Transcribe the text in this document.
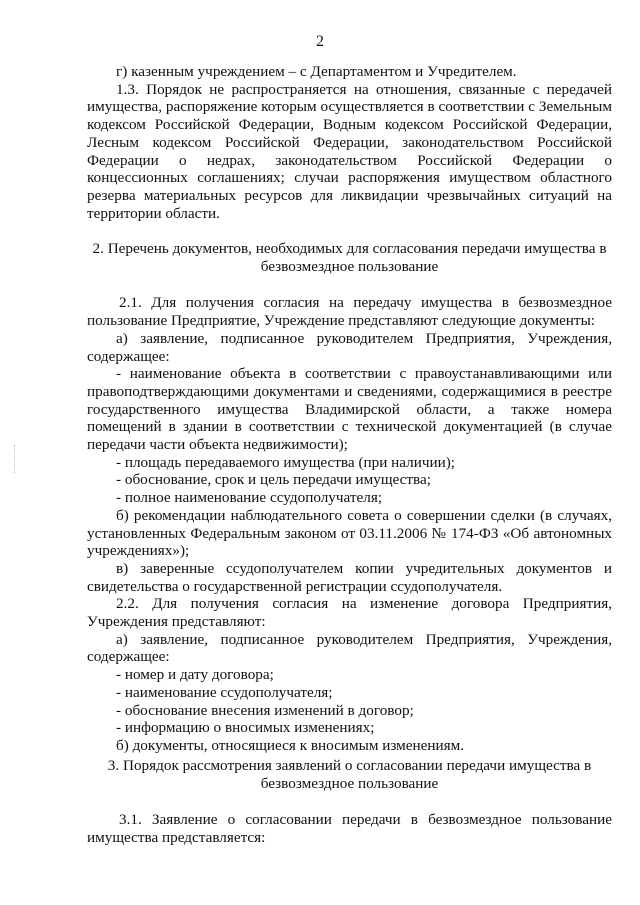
2

г) казенным учреждением – с Департаментом и Учредителем.

1.3. Порядок не распространяется на отношения, связанные с передачей имущества, распоряжение которым осуществляется в соответствии с Земельным кодексом Российской Федерации, Водным кодексом Российской Федерации, Лесным кодексом Российской Федерации, законодательством Российской Федерации о недрах, законодательством Российской Федерации о концессионных соглашениях; случаи распоряжения имуществом областного резерва материальных ресурсов для ликвидации чрезвычайных ситуаций на территории области.

2. Перечень документов, необходимых для согласования передачи имущества в безвозмездное пользование

2.1. Для получения согласия на передачу имущества в безвозмездное пользование Предприятие, Учреждение представляют следующие документы:

а) заявление, подписанное руководителем Предприятия, Учреждения, содержащее:

- наименование объекта в соответствии с правоустанавливающими или правоподтверждающими документами и сведениями, содержащимися в реестре государственного имущества Владимирской области, а также номера помещений в здании в соответствии с технической документацией (в случае передачи части объекта недвижимости);

- площадь передаваемого имущества (при наличии);

- обоснование, срок и цель передачи имущества;

- полное наименование ссудополучателя;

б) рекомендации наблюдательного совета о совершении сделки (в случаях, установленных Федеральным законом от 03.11.2006 № 174-ФЗ «Об автономных учреждениях»);

в) заверенные ссудополучателем копии учредительных документов и свидетельства о государственной регистрации ссудополучателя.

2.2. Для получения согласия на изменение договора Предприятия, Учреждения представляют:

а) заявление, подписанное руководителем Предприятия, Учреждения, содержащее:

- номер и дату договора;

- наименование ссудополучателя;

- обоснование внесения изменений в договор;

- информацию о вносимых изменениях;

б) документы, относящиеся к вносимым изменениям.

3. Порядок рассмотрения заявлений о согласовании передачи имущества в безвозмездное пользование

3.1. Заявление о согласовании передачи в безвозмездное пользование имущества представляется:
